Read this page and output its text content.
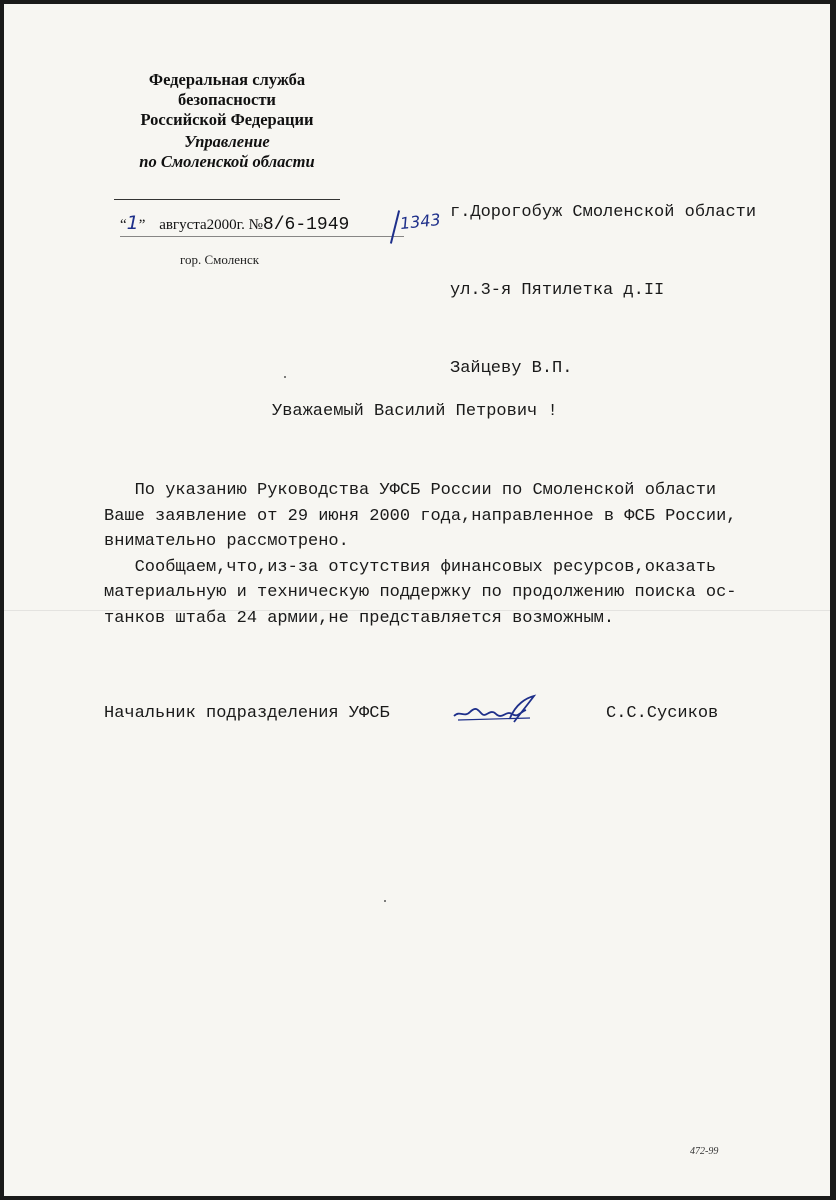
Федеральная служба
безопасности
Российской Федерации
Управление
по Смоленской области
“1” августа2000г. №8/6-1949	1343
гор. Смоленск

г.Дорогобуж Смоленской области

ул.3-я Пятилетка д.II

Зайцеву В.П.

Уважаемый Василий Петрович !
По указанию Руководства УФСБ России по Смоленской области
Ваше заявление от 29 июня 2000 года,направленное в ФСБ России,
внимательно рассмотрено.
Сообщаем,что,из-за отсутствия финансовых ресурсов,оказать
материальную и техническую поддержку по продолжению поиска ос-
танков штаба 24 армии,не представляется возможным.
Начальник подразделения УФСБ	С.С.Сусиков
472-99
